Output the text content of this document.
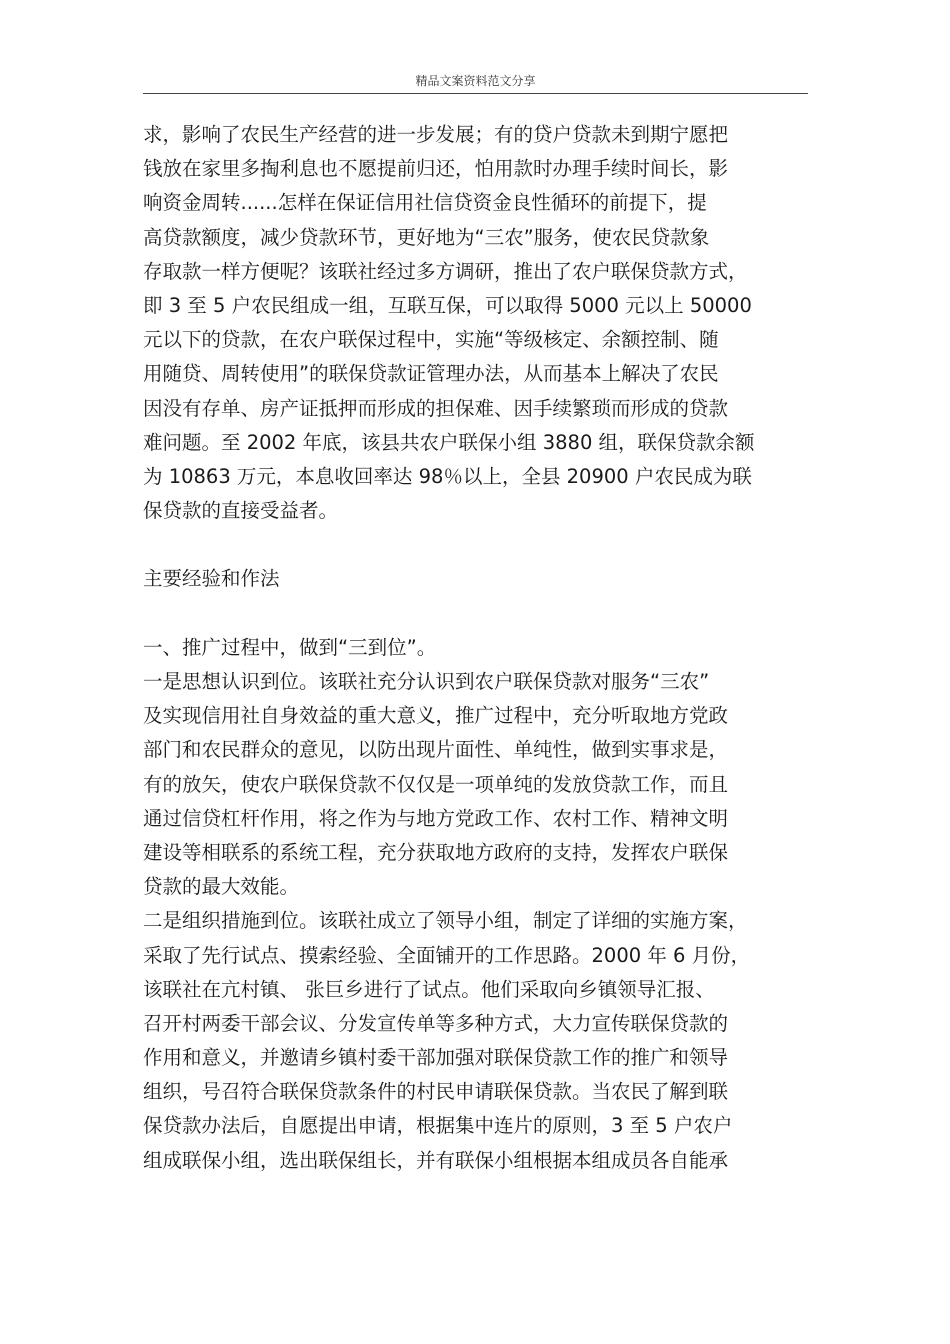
精品文案资料范文分享
求，影响了农民生产经营的进一步发展；有的贷户贷款未到期宁愿把
钱放在家里多掏利息也不愿提前归还，怕用款时办理手续时间长，影
响资金周转......怎样在保证信用社信贷资金良性循环的前提下，提
高贷款额度，减少贷款环节，更好地为“三农”服务，使农民贷款象
存取款一样方便呢？该联社经过多方调研，推出了农户联保贷款方式，
即 3 至 5 户农民组成一组，互联互保，可以取得 5000 元以上 50000
元以下的贷款，在农户联保过程中，实施“等级核定、余额控制、随
用随贷、周转使用”的联保贷款证管理办法，从而基本上解决了农民
因没有存单、房产证抵押而形成的担保难、因手续繁琐而形成的贷款
难问题。至 2002 年底，该县共农户联保小组 3880 组，联保贷款余额
为 10863 万元，本息收回率达 98％以上，全县 20900 户农民成为联
保贷款的直接受益者。
主要经验和作法
一、推广过程中，做到“三到位”。
一是思想认识到位。该联社充分认识到农户联保贷款对服务“三农”
及实现信用社自身效益的重大意义，推广过程中，充分听取地方党政
部门和农民群众的意见，以防出现片面性、单纯性，做到实事求是，
有的放矢，使农户联保贷款不仅仅是一项单纯的发放贷款工作，而且
通过信贷杠杆作用，将之作为与地方党政工作、农村工作、精神文明
建设等相联系的系统工程，充分获取地方政府的支持，发挥农户联保
贷款的最大效能。
二是组织措施到位。该联社成立了领导小组，制定了详细的实施方案，
采取了先行试点、摸索经验、全面铺开的工作思路。2000 年 6 月份，
该联社在亢村镇、 张巨乡进行了试点。他们采取向乡镇领导汇报、
召开村两委干部会议、分发宣传单等多种方式，大力宣传联保贷款的
作用和意义，并邀请乡镇村委干部加强对联保贷款工作的推广和领导
组织，号召符合联保贷款条件的村民申请联保贷款。当农民了解到联
保贷款办法后，自愿提出申请，根据集中连片的原则，3 至 5 户农户
组成联保小组，选出联保组长，并有联保小组根据本组成员各自能承
